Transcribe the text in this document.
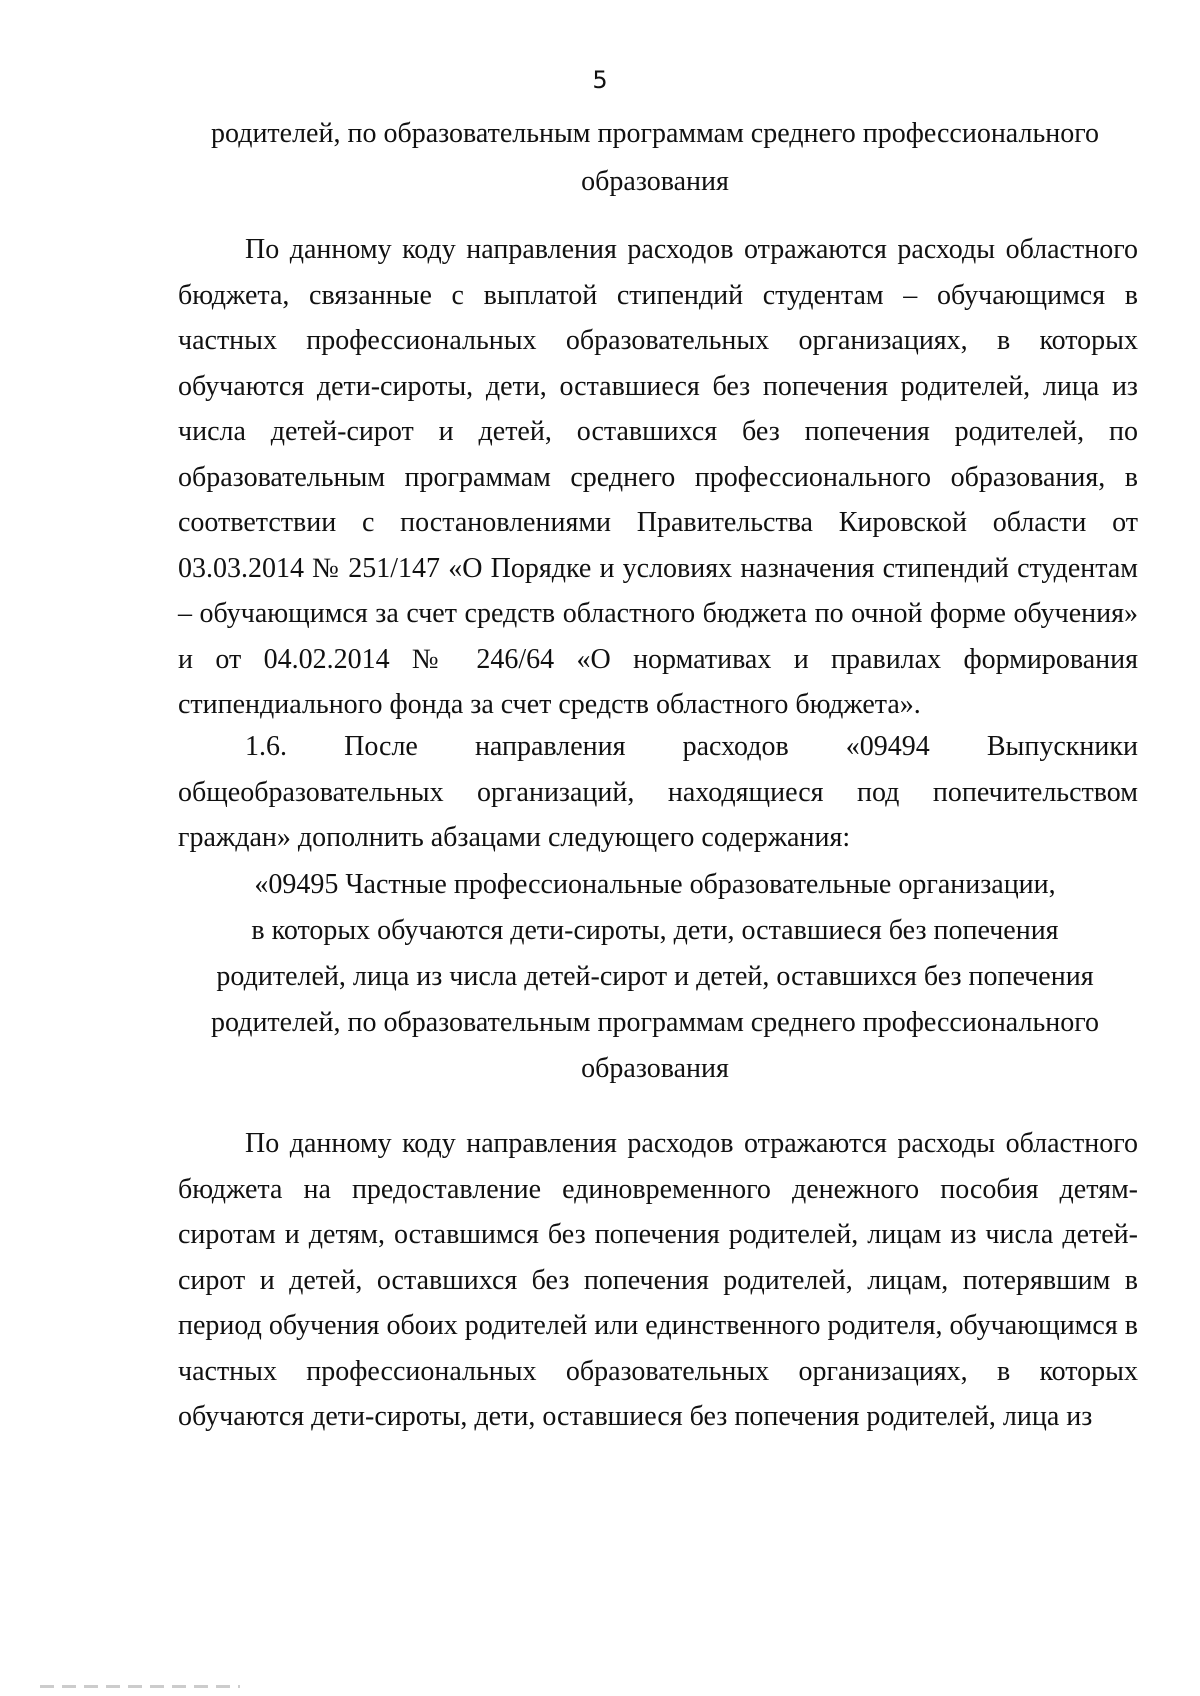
5
родителей, по образовательным программам среднего профессионального
образования
По данному коду направления расходов отражаются расходы областного бюджета, связанные с выплатой стипендий студентам – обучающимся в частных профессиональных образовательных организациях, в которых обучаются дети-сироты, дети, оставшиеся без попечения родителей, лица из числа детей-сирот и детей, оставшихся без попечения родителей, по образовательным программам среднего профессионального образования, в соответствии с постановлениями Правительства Кировской области от 03.03.2014 № 251/147 «О Порядке и условиях назначения стипендий студентам – обучающимся за счет средств областного бюджета по очной форме обучения» и от 04.02.2014 № 246/64 «О нормативах и правилах формирования стипендиального фонда за счет средств областного бюджета».
1.6. После направления расходов «09494 Выпускники
общеобразовательных организаций, находящиеся под попечительством
граждан» дополнить абзацами следующего содержания:
«09495 Частные профессиональные образовательные организации,
в которых обучаются дети-сироты, дети, оставшиеся без попечения
родителей, лица из числа детей-сирот и детей, оставшихся без попечения
родителей, по образовательным программам среднего профессионального
образования
По данному коду направления расходов отражаются расходы областного бюджета на предоставление единовременного денежного пособия детям-сиротам и детям, оставшимся без попечения родителей, лицам из числа детей-сирот и детей, оставшихся без попечения родителей, лицам, потерявшим в период обучения обоих родителей или единственного родителя, обучающимся в частных профессиональных образовательных организациях, в которых обучаются дети-сироты, дети, оставшиеся без попечения родителей, лица из
